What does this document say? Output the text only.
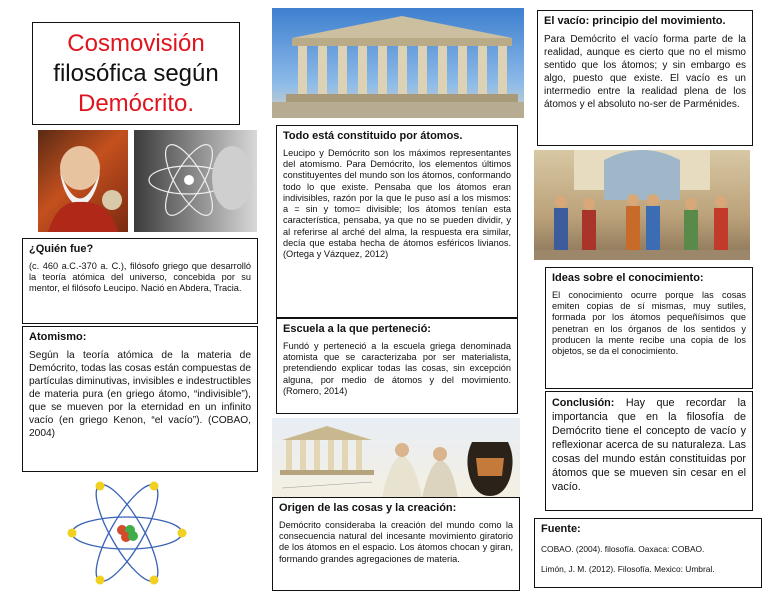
Cosmovisión
filosófica según
Demócrito.
¿Quién fue?

(c. 460 a.C.-370 a. C.), filósofo griego que desarrolló la teoría atómica del universo, concebida por su mentor, el filósofo Leucipo. Nació en Abdera, Tracia.

Atomismo:

Según la teoría atómica de la materia de Demócrito, todas las cosas están compuestas de partículas diminutivas, invisibles e indestructibles de materia pura (en griego átomo, “indivisible”), que se mueven por la eternidad en un infinito vacío (en griego Kenon, “el vacío”). (COBAO, 2004)

Todo está constituido por átomos.

Leucipo y Demócrito son los máximos representantes del atomismo. Para Demócrito, los elementos últimos constituyentes del mundo son los átomos, conformando todo lo que existe. Pensaba que los átomos eran indivisibles, razón por la que le puso así a los mismos: a = sin y tomo= divisible; los átomos tenían esta característica, pensaba, ya que no se pueden dividir, y al referirse al arché del alma, la respuesta era similar, decía que estaba hecha de átomos esféricos livianos. (Ortega y Vázquez, 2012)

Escuela a la que perteneció:

Fundó y perteneció a la escuela griega denominada atomista que se caracterizaba por ser materialista, pretendiendo explicar todas las cosas, sin excepción alguna, por medio de átomos y del movimiento. (Romero, 2014)

Origen de las cosas y la creación:

Demócrito consideraba la creación del mundo como la consecuencia natural del incesante movimiento giratorio de los átomos en el espacio. Los átomos chocan y giran, formando grandes agregaciones de materia.

El vacío: principio del movimiento.

Para Demócrito el vacío forma parte de la realidad, aunque es cierto que no el mismo sentido que los átomos; y sin embargo es algo, puesto que existe. El vacío es un intermedio entre la realidad plena de los átomos y el absoluto no-ser de Parménides.

Ideas sobre el conocimiento:

El conocimiento ocurre porque las cosas emiten copias de sí mismas, muy sutiles, formada por los átomos pequeñísimos que penetran en los órganos de los sentidos y producen la mente recibe una copia de los objetos, se da el conocimiento.

Conclusión: Hay que recordar la importancia que en la filosofía de Demócrito tiene el concepto de vacío y reflexionar acerca de su naturaleza. Las cosas del mundo están constituidas por átomos que se mueven sin cesar en el vacío.

Fuente:

COBAO. (2004). filosofía. Oaxaca: COBAO.

Limón, J. M. (2012). Filosofía. Mexico: Umbral.
